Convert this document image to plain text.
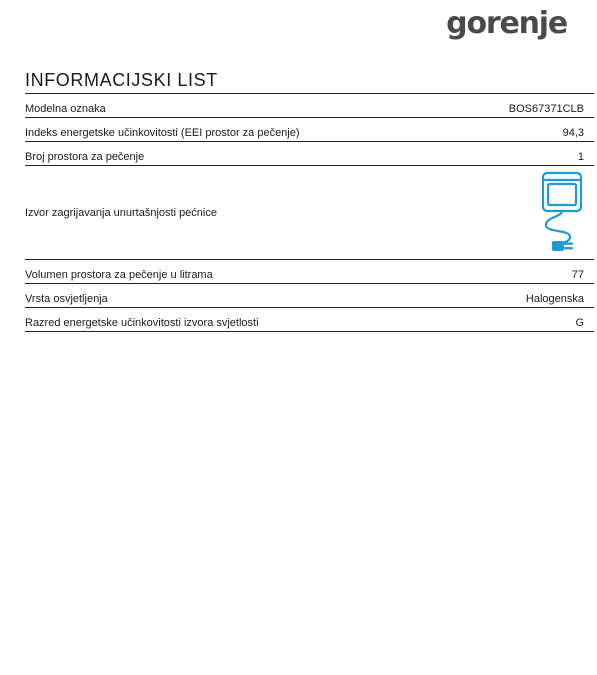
gorenje
INFORMACIJSKI LIST
Modelna oznaka	BOS67371CLB
Indeks energetske učinkovitosti (EEI prostor za pečenje)	94,3
Broj prostora za pečenje	1
Izvor zagrijavanja unurtašnjosti pećnice
Volumen prostora za pečenje u litrama	77
Vrsta osvjetljenja	Halogenska
Razred energetske učinkovitosti izvora svjetlosti	G
